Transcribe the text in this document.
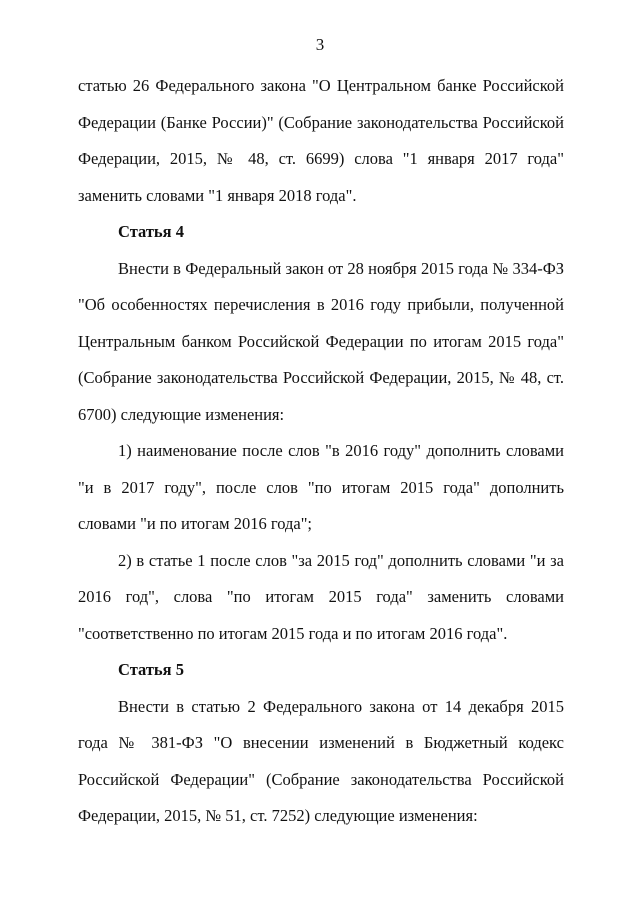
3

статью 26 Федерального закона "О Центральном банке Российской Федерации (Банке России)" (Собрание законодательства Российской Федерации, 2015, № 48, ст. 6699) слова "1 января 2017 года" заменить словами "1 января 2018 года".

Статья 4

Внести в Федеральный закон от 28 ноября 2015 года № 334-ФЗ "Об особенностях перечисления в 2016 году прибыли, полученной Центральным банком Российской Федерации по итогам 2015 года" (Собрание законодательства Российской Федерации, 2015, № 48, ст. 6700) следующие изменения:

1) наименование после слов "в 2016 году" дополнить словами "и в 2017 году", после слов "по итогам 2015 года" дополнить словами "и по итогам 2016 года";

2) в статье 1 после слов "за 2015 год" дополнить словами "и за 2016 год", слова "по итогам 2015 года" заменить словами "соответственно по итогам 2015 года и по итогам 2016 года".

Статья 5

Внести в статью 2 Федерального закона от 14 декабря 2015 года № 381-ФЗ "О внесении изменений в Бюджетный кодекс Российской Федерации" (Собрание законодательства Российской Федерации, 2015, № 51, ст. 7252) следующие изменения:
